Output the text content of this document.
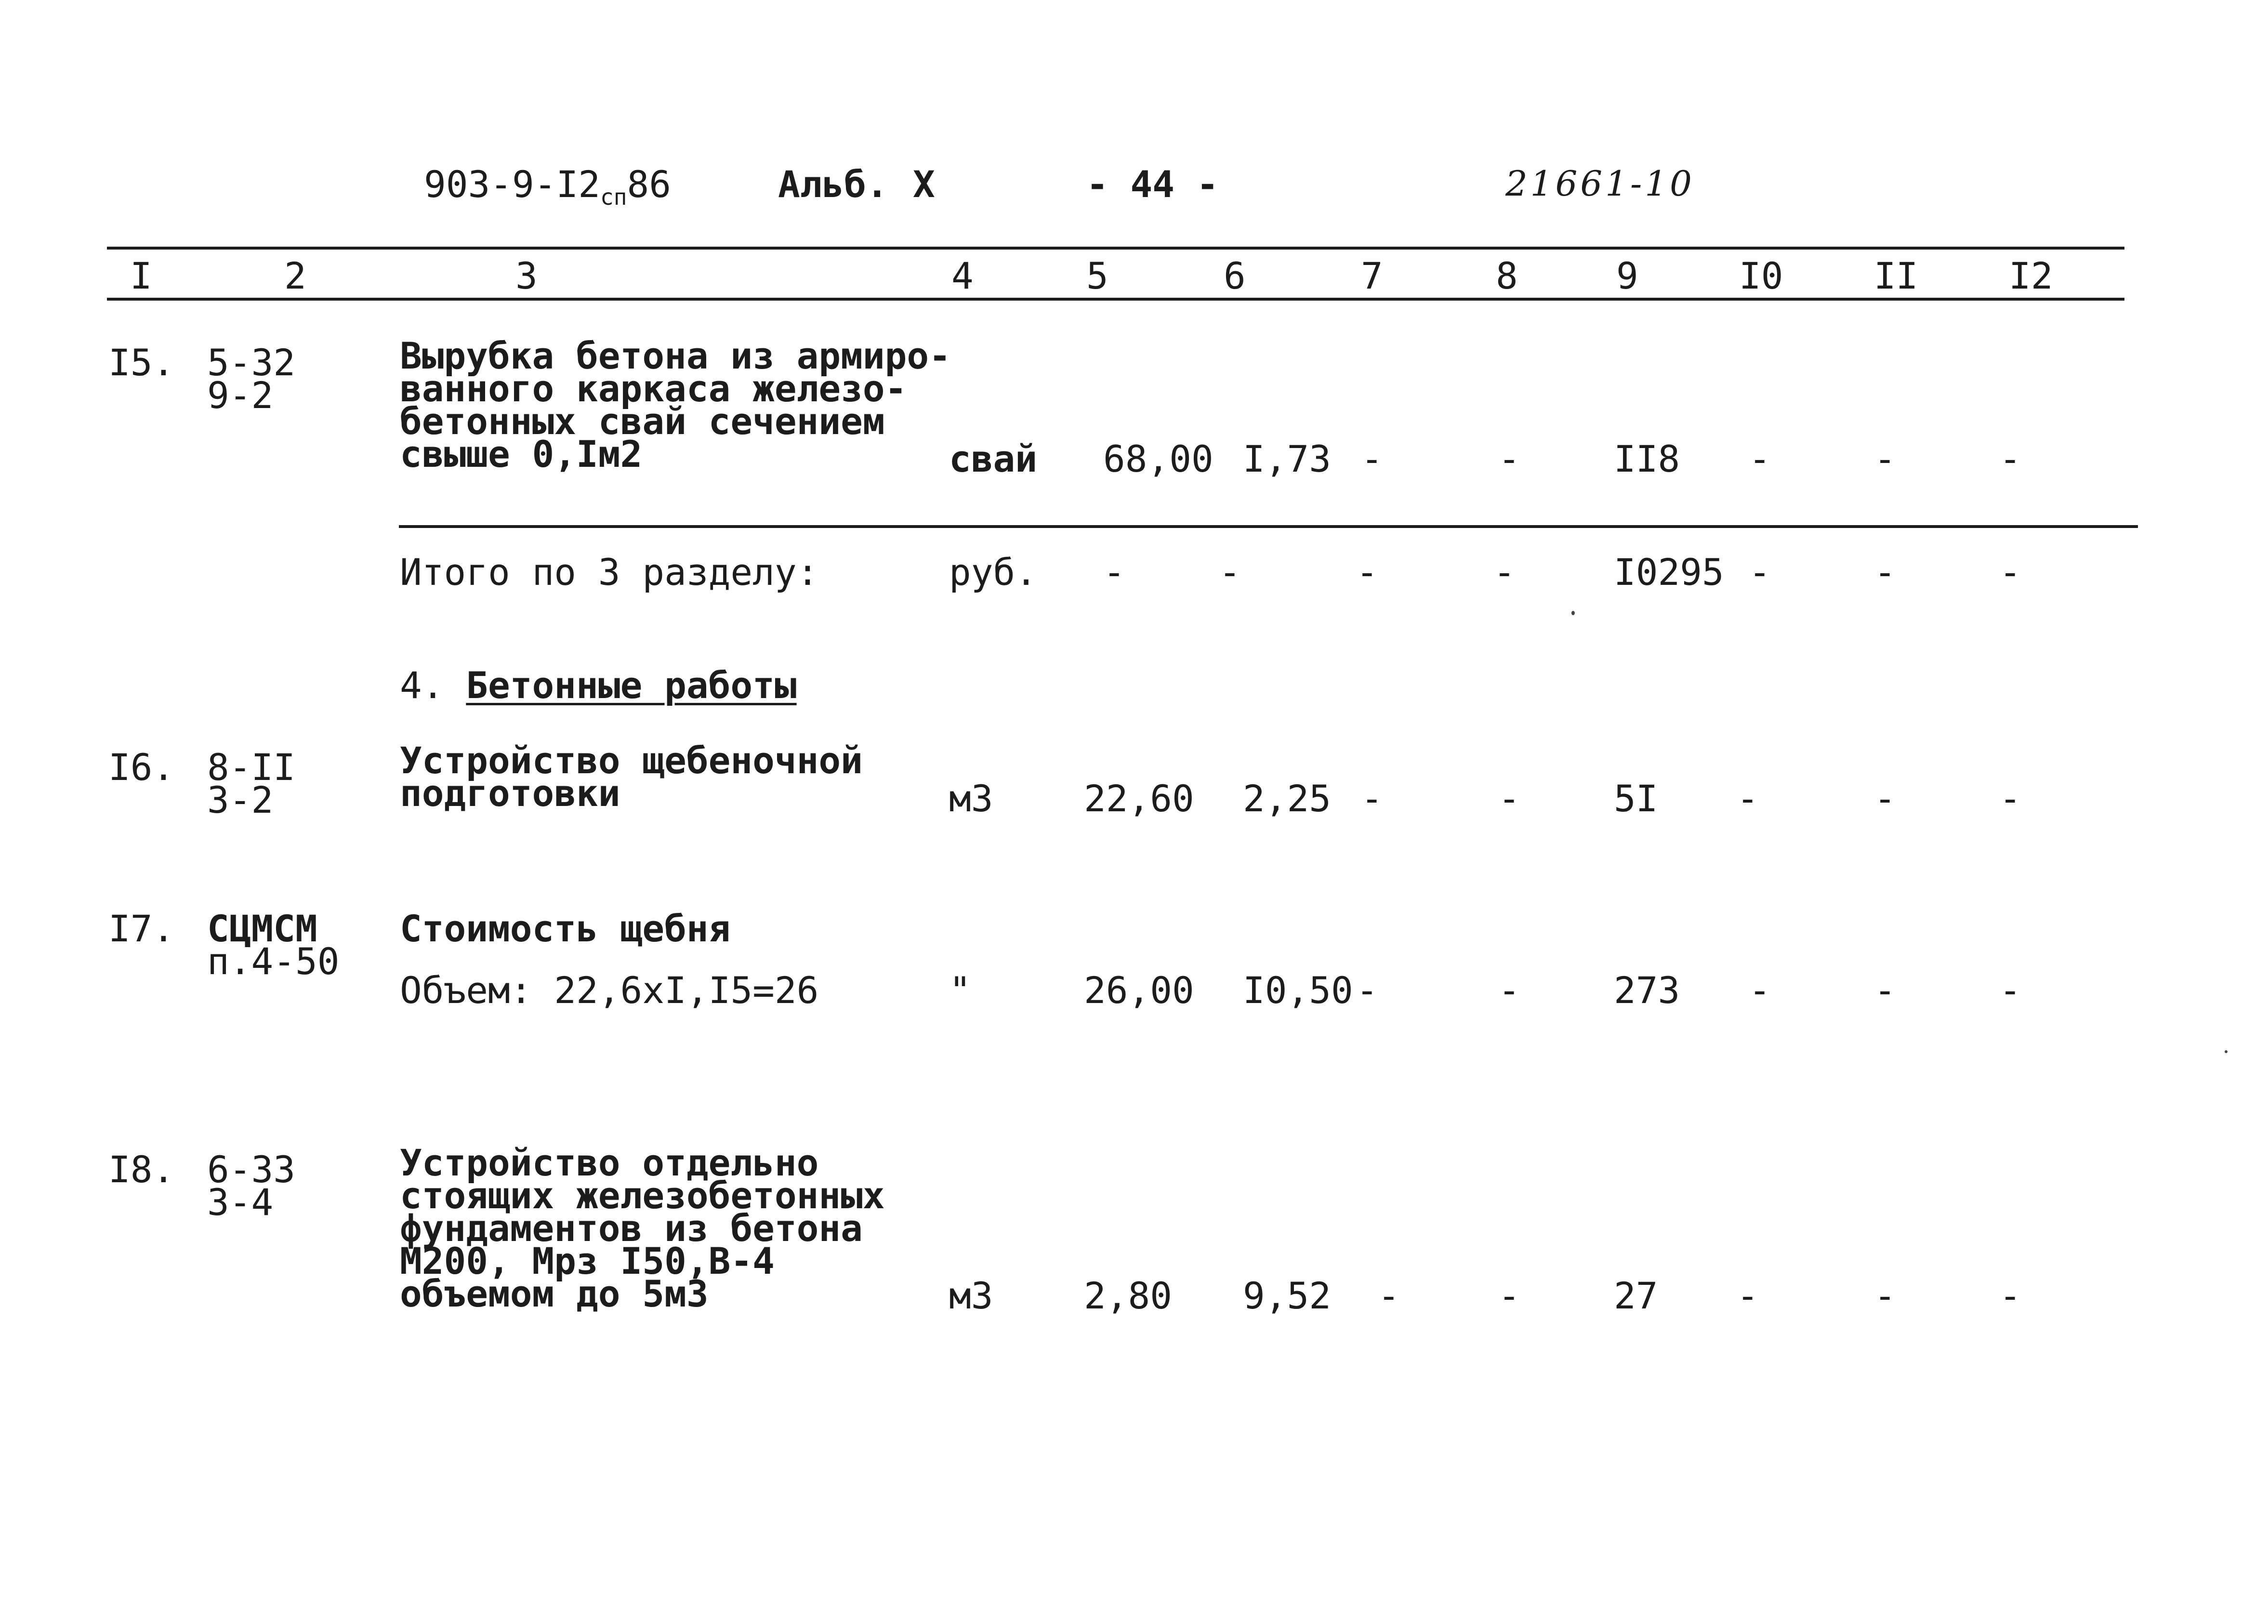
$903-9-I2_{сп}86$	Альб. X	- 44 -	21661-10
I	2	3	4	5	6	7	8	9	I0 II I2
I5. 5-32
9-2
Вырубка бетона из армиро-
ванного каркаса железо-
бетонных свай сечением
свыше 0,Iм2	свай 68,00 I,73 -	-	II8 -	-	-
Итого по 3 разделу:	руб. -	-	-	-	I0295 -	-	-
4. Бетонные работы
I6. 8-II
3-2
Устройство щебеночной
подготовки	м3 22,60 2,25 -	-	5I -	-	-
I7. СЦМСМ
п.4-50
Стоимость щебня
Объем: 22,6хI,I5=26	"	26,00 I0,50 -	-	273 -	-	-
I8. 6-33
3-4
Устройство отдельно
стоящих железобетонных
фундаментов из бетона
М200, Мрз I50,В-4
объемом до 5м3	м3 2,80 9,52 -	-	27 -	-	-
